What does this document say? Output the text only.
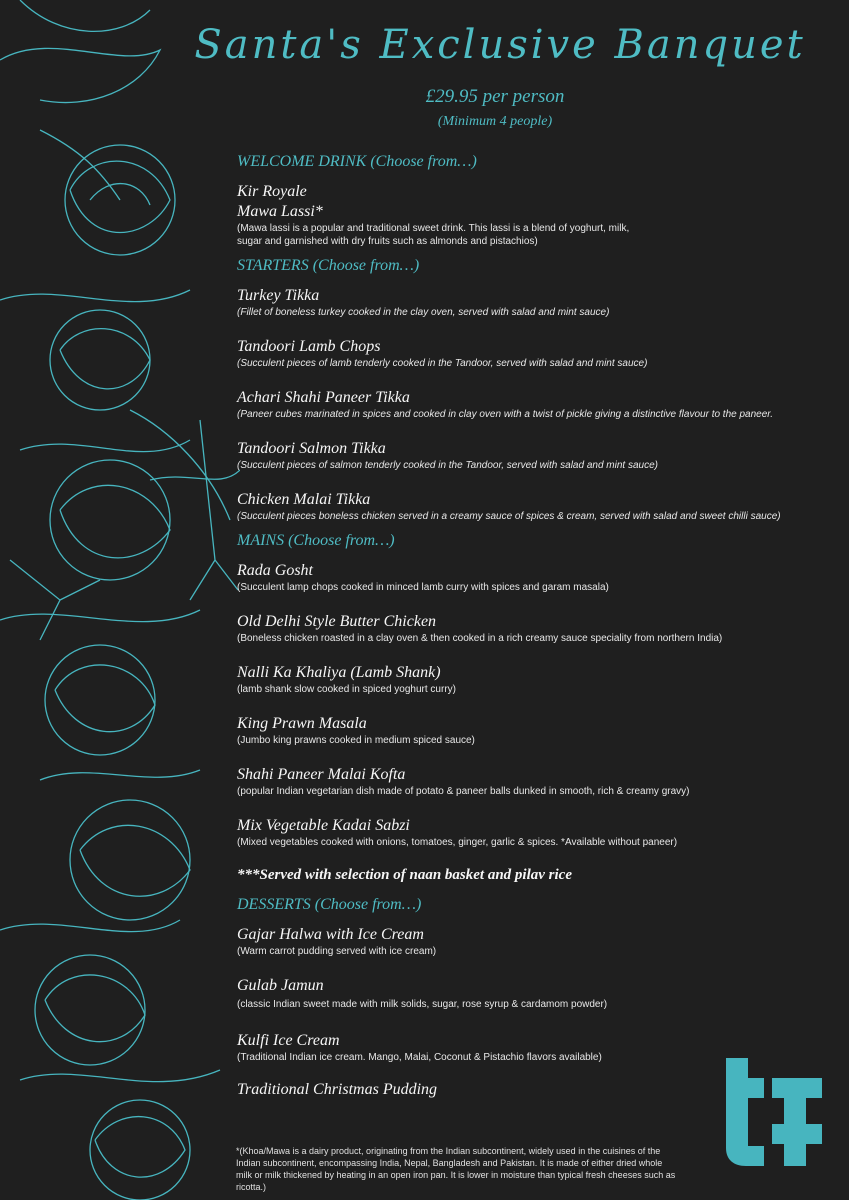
Santa's Exclusive Banquet
£29.95 per person
(Minimum 4 people)

WELCOME DRINK (Choose from…)

Kir Royale

Mawa Lassi*

(Mawa lassi is a popular and traditional sweet drink. This lassi is a blend of yoghurt, milk,
sugar and garnished with dry fruits such as almonds and pistachios)

STARTERS (Choose from…)

Turkey Tikka

(Fillet of boneless turkey cooked in the clay oven, served with salad and mint sauce)

Tandoori Lamb Chops

(Succulent pieces of lamb tenderly cooked in the Tandoor, served with salad and mint sauce)

Achari Shahi Paneer Tikka

(Paneer cubes marinated in spices and cooked in clay oven with a twist of pickle giving a distinctive flavour to the paneer.

Tandoori Salmon Tikka

(Succulent pieces of salmon tenderly cooked in the Tandoor, served with salad and mint sauce)

Chicken Malai Tikka

(Succulent pieces boneless chicken served in a creamy sauce of spices & cream, served with salad and sweet chilli sauce)

MAINS (Choose from…)

Rada Gosht

(Succulent lamp chops cooked in minced lamb curry with spices and garam masala)

Old Delhi Style Butter Chicken

(Boneless chicken roasted in a clay oven & then cooked in a rich creamy sauce speciality from northern India)

Nalli Ka Khaliya (Lamb Shank)

(lamb shank slow cooked in spiced yoghurt curry)

King Prawn Masala

(Jumbo king prawns cooked in medium spiced sauce)

Shahi Paneer Malai Kofta

(popular Indian vegetarian dish made of potato & paneer balls dunked in smooth, rich & creamy gravy)

Mix Vegetable Kadai Sabzi

(Mixed vegetables cooked with onions, tomatoes, ginger, garlic & spices. *Available without paneer)

***Served with selection of naan basket and pilav rice

DESSERTS (Choose from…)

Gajar Halwa with Ice Cream

(Warm carrot pudding served with ice cream)

Gulab Jamun

(classic Indian sweet made with milk solids, sugar, rose syrup & cardamom powder)

Kulfi Ice Cream

(Traditional Indian ice cream. Mango, Malai, Coconut & Pistachio flavors available)

Traditional Christmas Pudding

*(Khoa/Mawa is a dairy product, originating from the Indian subcontinent, widely used in the cuisines of the
Indian subcontinent, encompassing India, Nepal, Bangladesh and Pakistan. It is made of either dried whole
milk or milk thickened by heating in an open iron pan. It is lower in moisture than typical fresh cheeses such as ricotta.)
